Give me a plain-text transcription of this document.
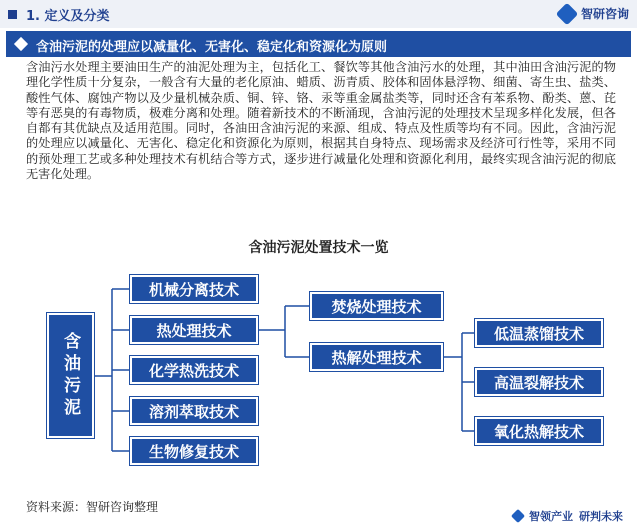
1. 定义及分类	智研咨询
含油污泥的处理应以减量化、无害化、稳定化和资源化为原则
含油污水处理主要油田生产的油泥处理为主，包括化工、餐饮等其他含油污水的处理，其中油田含油污泥的物理化学性质十分复杂，一般含有大量的老化原油、蜡质、沥青质、胶体和固体悬浮物、细菌、寄生虫、盐类、酸性气体、腐蚀产物以及少量机械杂质、铜、锌、铬、汞等重金属盐类等，同时还含有苯系物、酚类、蒽、芘等有恶臭的有毒物质，极难分离和处理。随着新技术的不断涌现，含油污泥的处理技术呈现多样化发展，但各自都有其优缺点及适用范围。同时，各油田含油污泥的来源、组成、特点及性质等均有不同。因此，含油污泥的处理应以减量化、无害化、稳定化和资源化为原则，根据其自身特点、现场需求及经济可行性等，采用不同的预处理工艺或多种处理技术有机结合等方式，逐步进行减量化处理和资源化利用，最终实现含油污泥的彻底无害化处理。
含油污泥处置技术一览
含油污泥
机械分离技术
热处理技术
化学热洗技术
溶剂萃取技术
生物修复技术
焚烧处理技术
热解处理技术
低温蒸馏技术
高温裂解技术
氧化热解技术
资料来源：智研咨询整理
智领产业 研判未来
